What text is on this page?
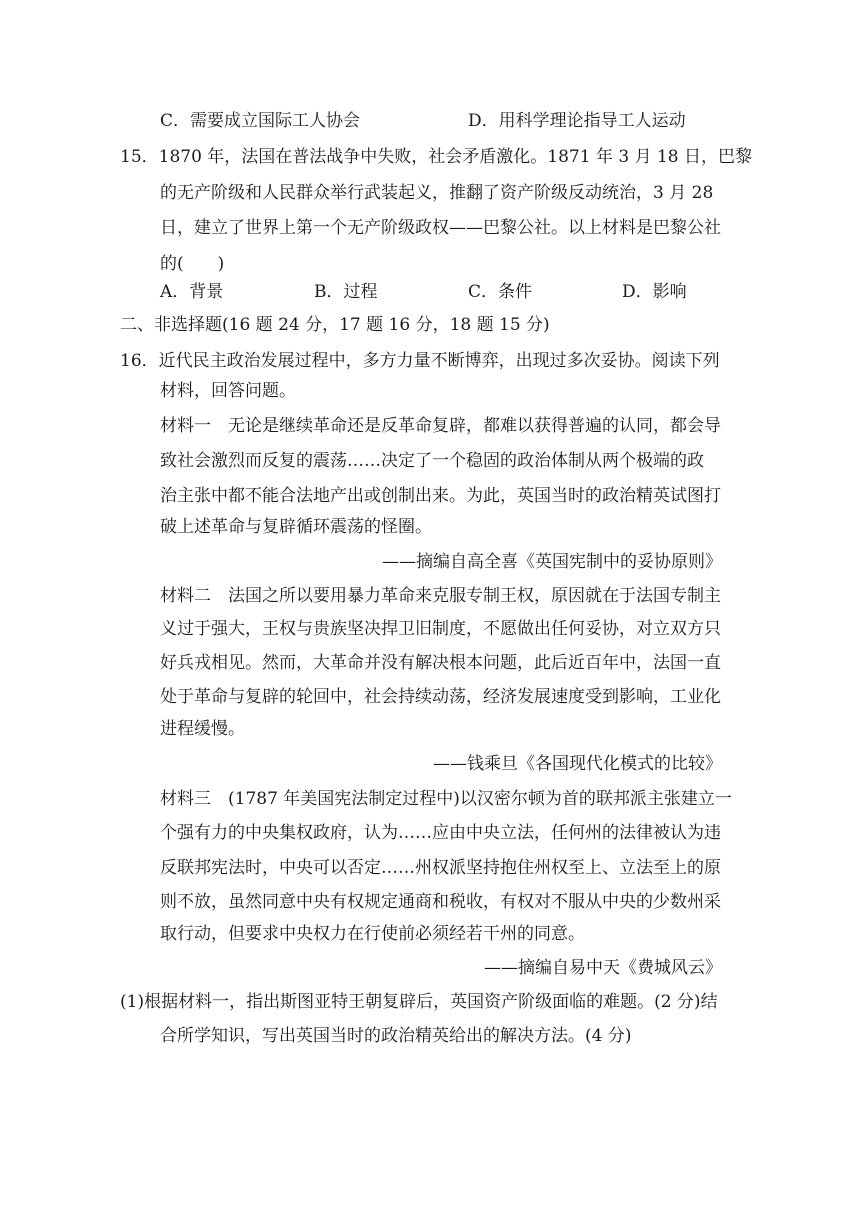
C．需要成立国际工人协会	D．用科学理论指导工人运动
15．1870 年，法国在普法战争中失败，社会矛盾激化。1871 年 3 月 18 日，巴黎
的无产阶级和人民群众举行武装起义，推翻了资产阶级反动统治，3 月 28
日，建立了世界上第一个无产阶级政权——巴黎公社。以上材料是巴黎公社
的(　　)
A．背景	B．过程	C．条件	D．影响
二、非选择题(16 题 24 分，17 题 16 分，18 题 15 分)
16．近代民主政治发展过程中，多方力量不断博弈，出现过多次妥协。阅读下列
材料，回答问题。
材料一　无论是继续革命还是反革命复辟，都难以获得普遍的认同，都会导
致社会激烈而反复的震荡……决定了一个稳固的政治体制从两个极端的政
治主张中都不能合法地产出或创制出来。为此，英国当时的政治精英试图打
破上述革命与复辟循环震荡的怪圈。
——摘编自高全喜《英国宪制中的妥协原则》
材料二　法国之所以要用暴力革命来克服专制王权，原因就在于法国专制主
义过于强大，王权与贵族坚决捍卫旧制度，不愿做出任何妥协，对立双方只
好兵戎相见。然而，大革命并没有解决根本问题，此后近百年中，法国一直
处于革命与复辟的轮回中，社会持续动荡，经济发展速度受到影响，工业化
进程缓慢。
——钱乘旦《各国现代化模式的比较》
材料三　(1787 年美国宪法制定过程中)以汉密尔顿为首的联邦派主张建立一
个强有力的中央集权政府，认为……应由中央立法，任何州的法律被认为违
反联邦宪法时，中央可以否定……州权派坚持抱住州权至上、立法至上的原
则不放，虽然同意中央有权规定通商和税收，有权对不服从中央的少数州采
取行动，但要求中央权力在行使前必须经若干州的同意。
——摘编自易中天《费城风云》
(1)根据材料一，指出斯图亚特王朝复辟后，英国资产阶级面临的难题。(2 分)结
合所学知识，写出英国当时的政治精英给出的解决方法。(4 分)
